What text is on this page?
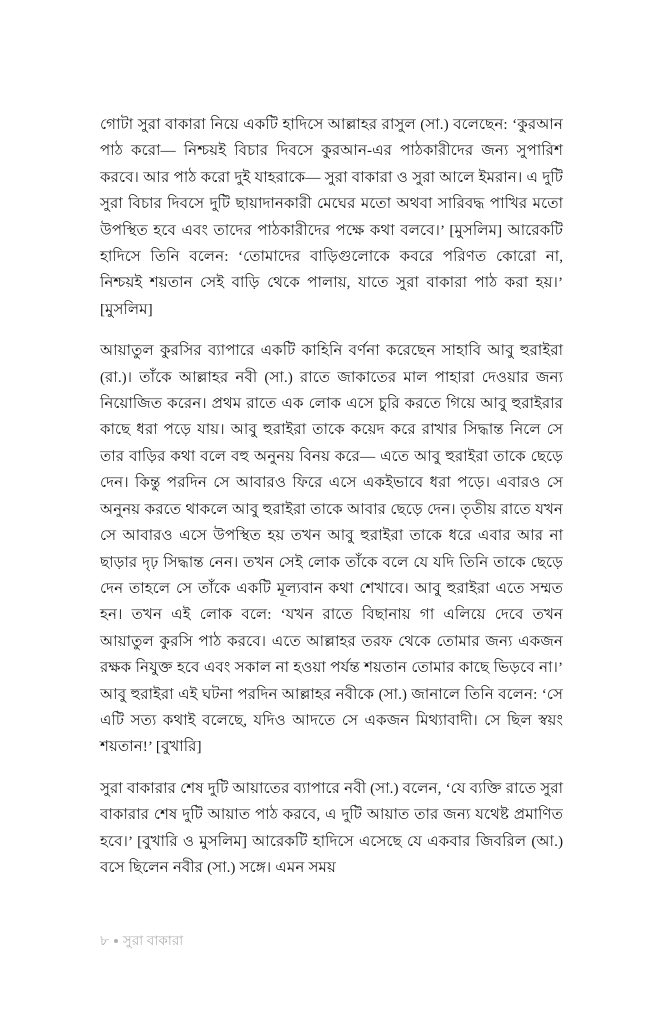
গোটা সুরা বাকারা নিয়ে একটি হাদিসে আল্লাহর রাসুল (সা.) বলেছেন: ‘কুরআন পাঠ করো— নিশ্চয়ই বিচার দিবসে কুরআন-এর পাঠকারীদের জন্য সুপারিশ করবে। আর পাঠ করো দুই যাহরাকে— সুরা বাকারা ও সুরা আলে ইমরান। এ দুটি সুরা বিচার দিবসে দুটি ছায়াদানকারী মেঘের মতো অথবা সারিবদ্ধ পাখির মতো উপস্থিত হবে এবং তাদের পাঠকারীদের পক্ষে কথা বলবে।’ [মুসলিম] আরেকটি হাদিসে তিনি বলেন: ‘তোমাদের বাড়িগুলোকে কবরে পরিণত কোরো না, নিশ্চয়ই শয়তান সেই বাড়ি থেকে পালায়, যাতে সুরা বাকারা পাঠ করা হয়।’ [মুসলিম]

আয়াতুল কুরসির ব্যাপারে একটি কাহিনি বর্ণনা করেছেন সাহাবি আবু হুরাইরা (রা.)। তাঁকে আল্লাহর নবী (সা.) রাতে জাকাতের মাল পাহারা দেওয়ার জন্য নিয়োজিত করেন। প্রথম রাতে এক লোক এসে চুরি করতে গিয়ে আবু হুরাইরার কাছে ধরা পড়ে যায়। আবু হুরাইরা তাকে কয়েদ করে রাখার সিদ্ধান্ত নিলে সে তার বাড়ির কথা বলে বহু অনুনয় বিনয় করে— এতে আবু হুরাইরা তাকে ছেড়ে দেন। কিন্তু পরদিন সে আবারও ফিরে এসে একইভাবে ধরা পড়ে। এবারও সে অনুনয় করতে থাকলে আবু হুরাইরা তাকে আবার ছেড়ে দেন। তৃতীয় রাতে যখন সে আবারও এসে উপস্থিত হয় তখন আবু হুরাইরা তাকে ধরে এবার আর না ছাড়ার দৃঢ় সিদ্ধান্ত নেন। তখন সেই লোক তাঁকে বলে যে যদি তিনি তাকে ছেড়ে দেন তাহলে সে তাঁকে একটি মূল্যবান কথা শেখাবে। আবু হুরাইরা এতে সম্মত হন। তখন এই লোক বলে: ‘যখন রাতে বিছানায় গা এলিয়ে দেবে তখন আয়াতুল কুরসি পাঠ করবে। এতে আল্লাহর তরফ থেকে তোমার জন্য একজন রক্ষক নিযুক্ত হবে এবং সকাল না হওয়া পর্যন্ত শয়তান তোমার কাছে ভিড়বে না।’ আবু হুরাইরা এই ঘটনা পরদিন আল্লাহর নবীকে (সা.) জানালে তিনি বলেন: ‘সে এটি সত্য কথাই বলেছে, যদিও আদতে সে একজন মিথ্যাবাদী। সে ছিল স্বয়ং শয়তান!’ [বুখারি]

সুরা বাকারার শেষ দুটি আয়াতের ব্যাপারে নবী (সা.) বলেন, ‘যে ব্যক্তি রাতে সুরা বাকারার শেষ দুটি আয়াত পাঠ করবে, এ দুটি আয়াত তার জন্য যথেষ্ট প্রমাণিত হবে।’ [বুখারি ও মুসলিম] আরেকটি হাদিসে এসেছে যে একবার জিবরিল (আ.) বসে ছিলেন নবীর (সা.) সঙ্গে। এমন সময়

৮ সুরা বাকারা
